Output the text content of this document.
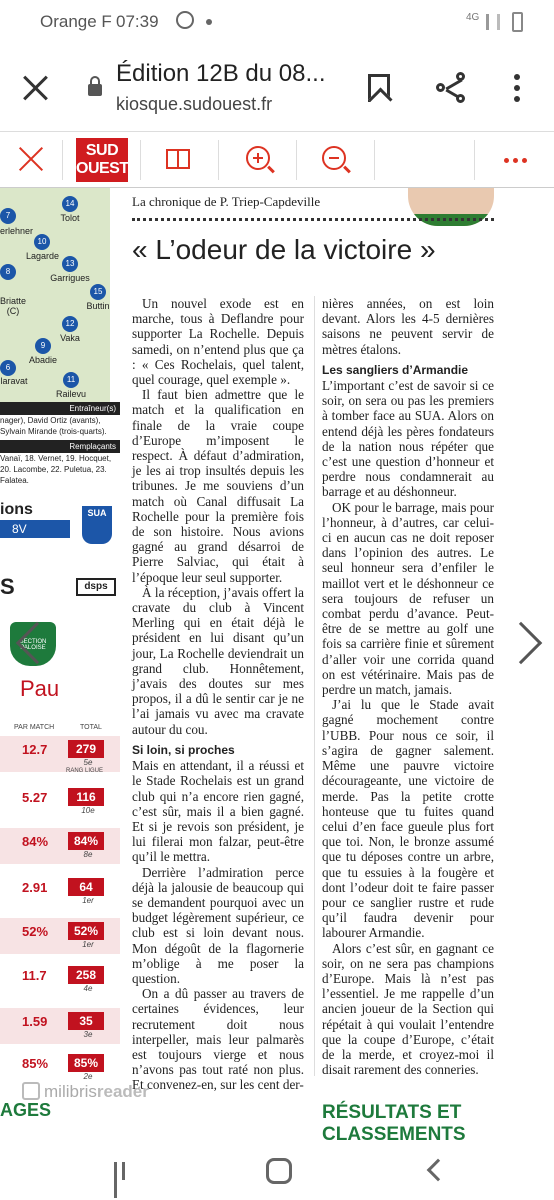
Orange F 07:39	4G
Édition 12B du 08...
kiosque.sudouest.fr
SUD
OUEST
7
14
Tolot
erlehner
10
Lagarde
13
Garrigues
Briatte (C)
15
Buttin
12
Vaka
9
Abadie
6
laravat	11
Railevu
8
Entraîneur(s)
nager), David Ortiz (avants), Sylvain Mirande (trois-quarts).
Remplaçants
Vanaï, 18. Vernet, 19. Hocquet, 20. Lacombe, 22. Puletua, 23. Falatea.
ions
8V
SUA
S	dsps
SECTION PALOISE
Pau
PAR MATCH	TOTAL
12.7	279
5e
RANG LIGUE
5.27	116
10e
84%	84%
8e
2.91	64
1er
52%	52%
1er
11.7	258
4e
1.59	35
3e
85%	85%
2e
AGES
La chronique de P. Triep-Capdeville
« L’odeur de la victoire »

Un nouvel exode est en marche, tous à Deflandre pour supporter La Rochelle. Depuis samedi, on n’entend plus que ça : « Ces Rochelais, quel talent, quel courage, quel exemple ».

Il faut bien admettre que le match et la qualification en finale de la vraie coupe d’Europe m’imposent le respect. À défaut d’admiration, je les ai trop insultés depuis les tribunes. Je me souviens d’un match où Canal diffusait La Rochelle pour la première fois de son histoire. Nous avions gagné au grand désarroi de Pierre Salviac, qui était à l’époque leur seul supporter.

À la réception, j’avais offert la cravate du club à Vincent Merling qui en était déjà le président en lui disant qu’un jour, La Rochelle deviendrait un grand club. Honnêtement, j’avais des doutes sur mes propos, il a dû le sentir car je ne l’ai jamais vu avec ma cravate autour du cou.

Si loin, si proches

Mais en attendant, il a réussi et le Stade Rochelais est un grand club qui n’a encore rien gagné, c’est sûr, mais il a bien gagné. Et si je revois son président, je lui filerai mon falzar, peut-être qu’il le mettra.

Derrière l’admiration perce déjà la jalousie de beaucoup qui se demandent pourquoi avec un budget légèrement supérieur, ce club est si loin devant nous. Mon dégoût de la flagornerie m’oblige à me poser la question.

On a dû passer au travers de certaines évidences, leur recrutement doit nous interpeller, mais leur palmarès est toujours vierge et nous n’avons pas tout raté non plus. Et convenez-en, sur les cent der-

nières années, on est loin devant. Alors les 4-5 dernières saisons ne peuvent servir de mètres étalons.

Les sangliers d’Armandie

L’important c’est de savoir si ce soir, on sera ou pas les premiers à tomber face au SUA. Alors on entend déjà les pères fondateurs de la nation nous répéter que c’est une question d’honneur et perdre nous condamnerait au barrage et au déshonneur.

OK pour le barrage, mais pour l’honneur, à d’autres, car celui-ci en aucun cas ne doit reposer dans l’opinion des autres. Le seul honneur sera d’enfiler le maillot vert et le déshonneur ce sera toujours de refuser un combat perdu d’avance. Peut-être de se mettre au golf une fois sa carrière finie et sûrement d’aller voir une corrida quand on est vétérinaire. Mais pas de perdre un match, jamais.

J’ai lu que le Stade avait gagné mochement contre l’UBB. Pour nous ce soir, il s’agira de gagner salement. Même une pauvre victoire décourageante, une victoire de merde. Pas la petite crotte honteuse que tu fuites quand celui d’en face gueule plus fort que toi. Non, le bronze assumé que tu déposes contre un arbre, que tu essuies à la fougère et dont l’odeur doit te faire passer pour ce sanglier rustre et rude qu’il faudra devenir pour labourer Armandie.

Alors c’est sûr, en gagnant ce soir, on ne sera pas champions d’Europe. Mais là n’est pas l’essentiel. Je me rappelle d’un ancien joueur de la Section qui répétait à qui voulait l’entendre que la coupe d’Europe, c’était de la merde, et croyez-moi il disait rarement des conneries.

RÉSULTATS ET CLASSEMENTS
milibrisreader
